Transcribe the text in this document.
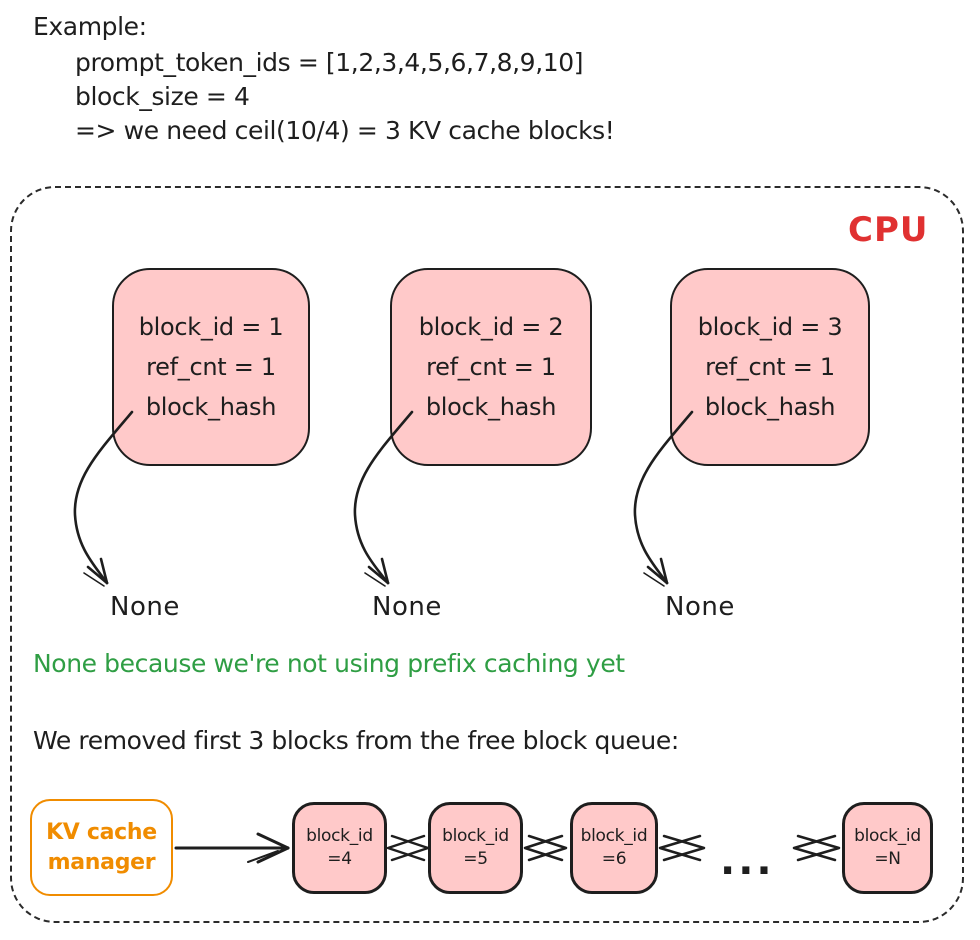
Example:
prompt_token_ids = [1,2,3,4,5,6,7,8,9,10]
block_size = 4
=> we need ceil(10/4) = 3 KV cache blocks!
CPU
block_id = 1
ref_cnt = 1
block_hash
block_id = 2
ref_cnt = 1
block_hash
block_id = 3
ref_cnt = 1
block_hash
None	None	None
None because we're not using prefix caching yet
We removed first 3 blocks from the free block queue:
KV cache
manager
block_id
=4
block_id
=5
block_id
=6
block_id
=N
...
